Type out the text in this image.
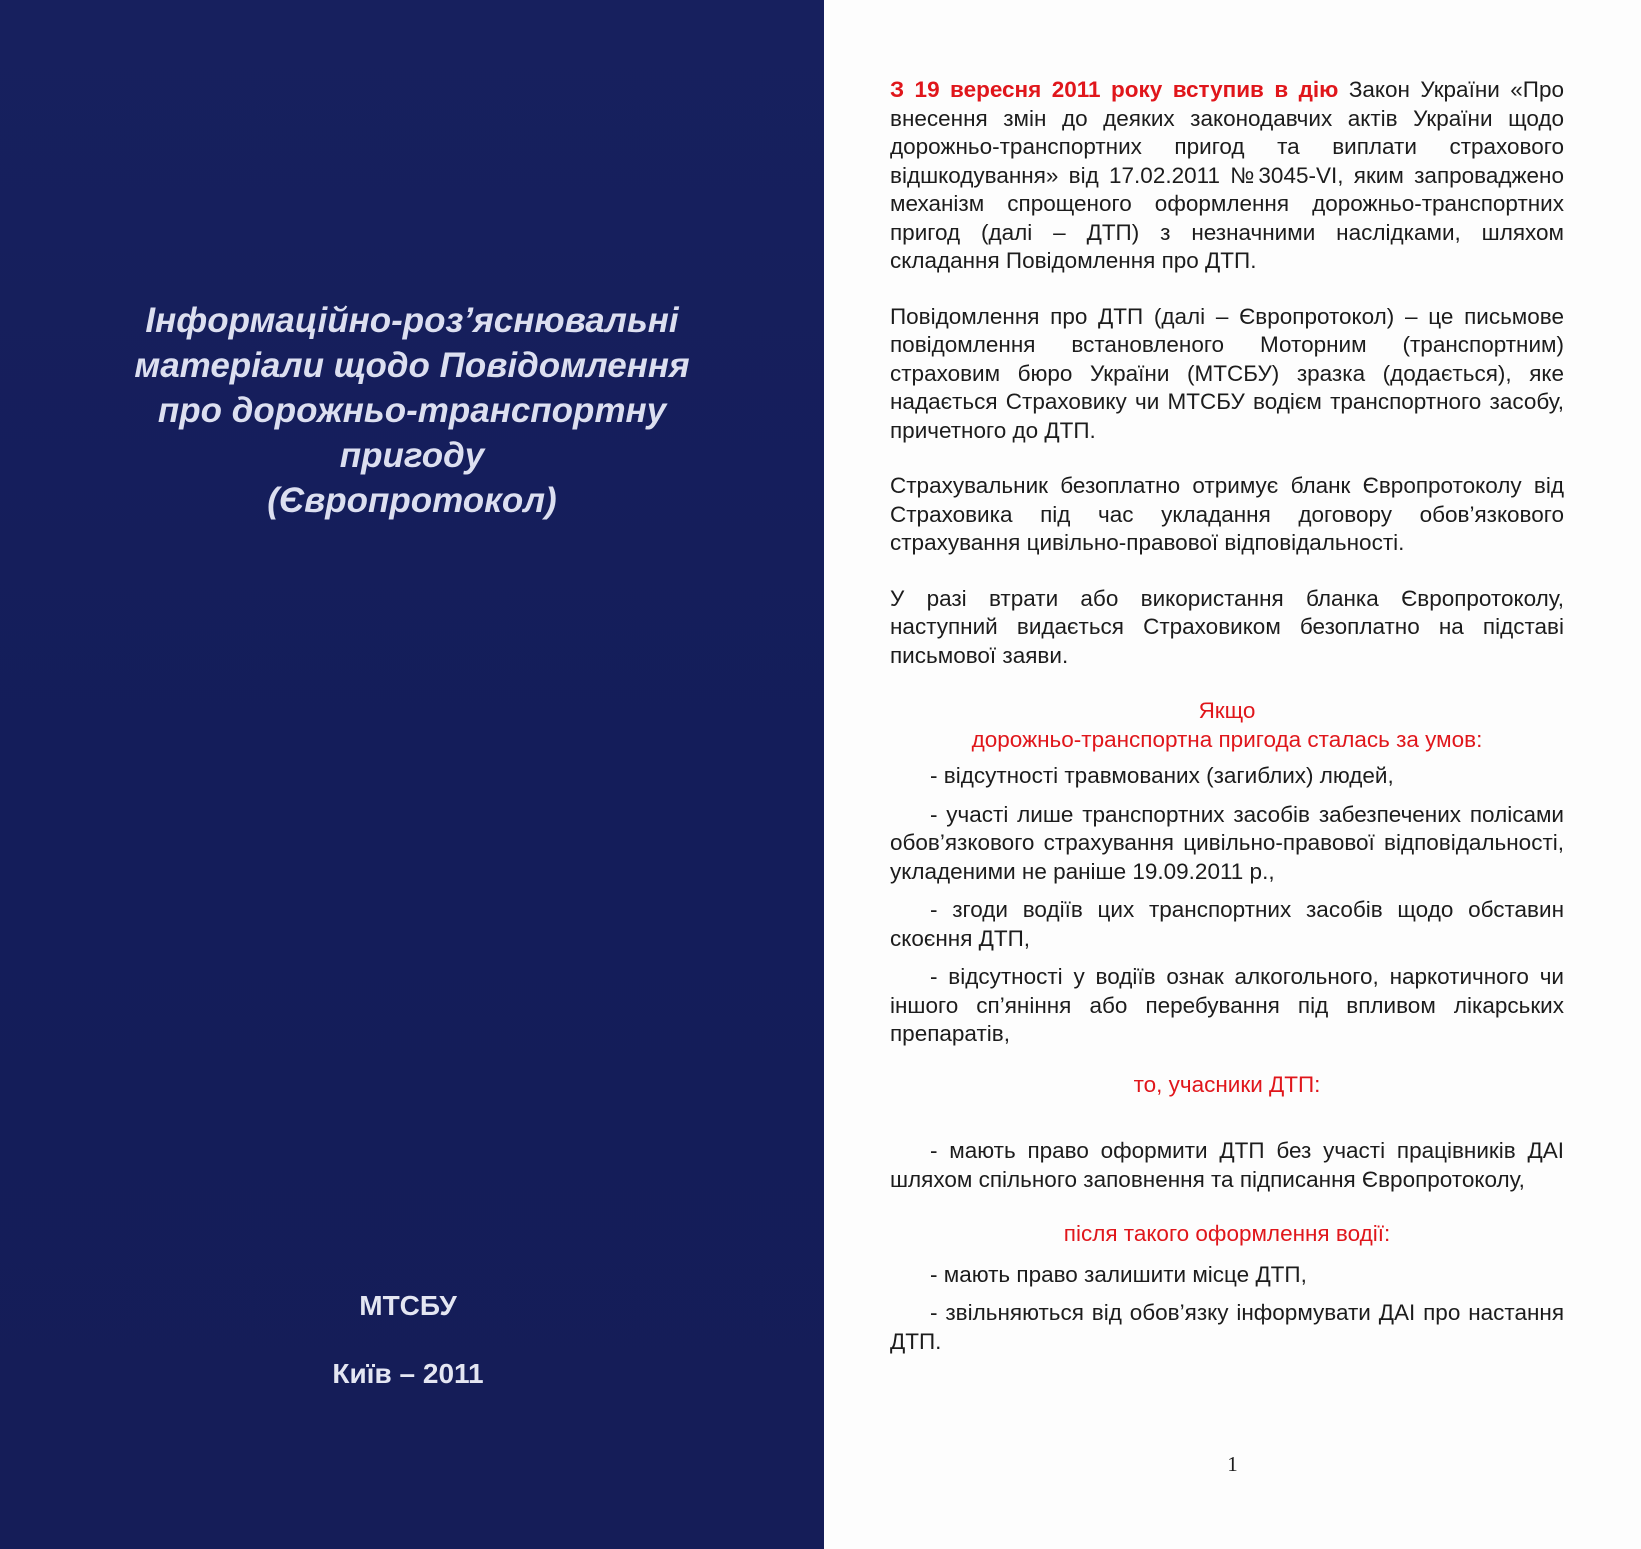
Інформаційно-роз’яснювальні
матеріали щодо Повідомлення
про дорожньо-транспортну
пригоду
(Європротокол)
МТСБУ
Київ – 2011

З 19 вересня 2011 року вступив в дію Закон України «Про внесення змін до деяких законодавчих актів України щодо дорожньо-транспортних пригод та виплати страхового відшкодування» від 17.02.2011 №3045-VI, яким запроваджено механізм спрощеного оформлення дорожньо-транспортних пригод (далі – ДТП) з незначними наслідками, шляхом складання Повідомлення про ДТП.

Повідомлення про ДТП (далі – Європротокол) – це письмове повідомлення встановленого Моторним (транспортним) страховим бюро України (МТСБУ) зразка (додається), яке надається Страховику чи МТСБУ водієм транспортного засобу, причетного до ДТП.

Страхувальник безоплатно отримує бланк Європротоколу від Страховика під час укладання договору обов’язкового страхування цивільно-правової відповідальності.

У разі втрати або використання бланка Європротоколу, наступний видається Страховиком безоплатно на підставі письмової заяви.

Якщо

дорожньо-транспортна пригода сталась за умов:

- відсутності травмованих (загиблих) людей,

- участі лише транспортних засобів забезпечених полісами обов’язкового страхування цивільно-правової відповідальності, укладеними не раніше 19.09.2011 р.,

- згоди водіїв цих транспортних засобів щодо обставин скоєння ДТП,

- відсутності у водіїв ознак алкогольного, наркотичного чи іншого сп’яніння або перебування під впливом лікарських препаратів,

то, учасники ДТП:

- мають право оформити ДТП без участі працівників ДАІ шляхом спільного заповнення та підписання Європротоколу,

після такого оформлення водії:

- мають право залишити місце ДТП,

- звільняються від обов’язку інформувати ДАІ про настання ДТП.

1
